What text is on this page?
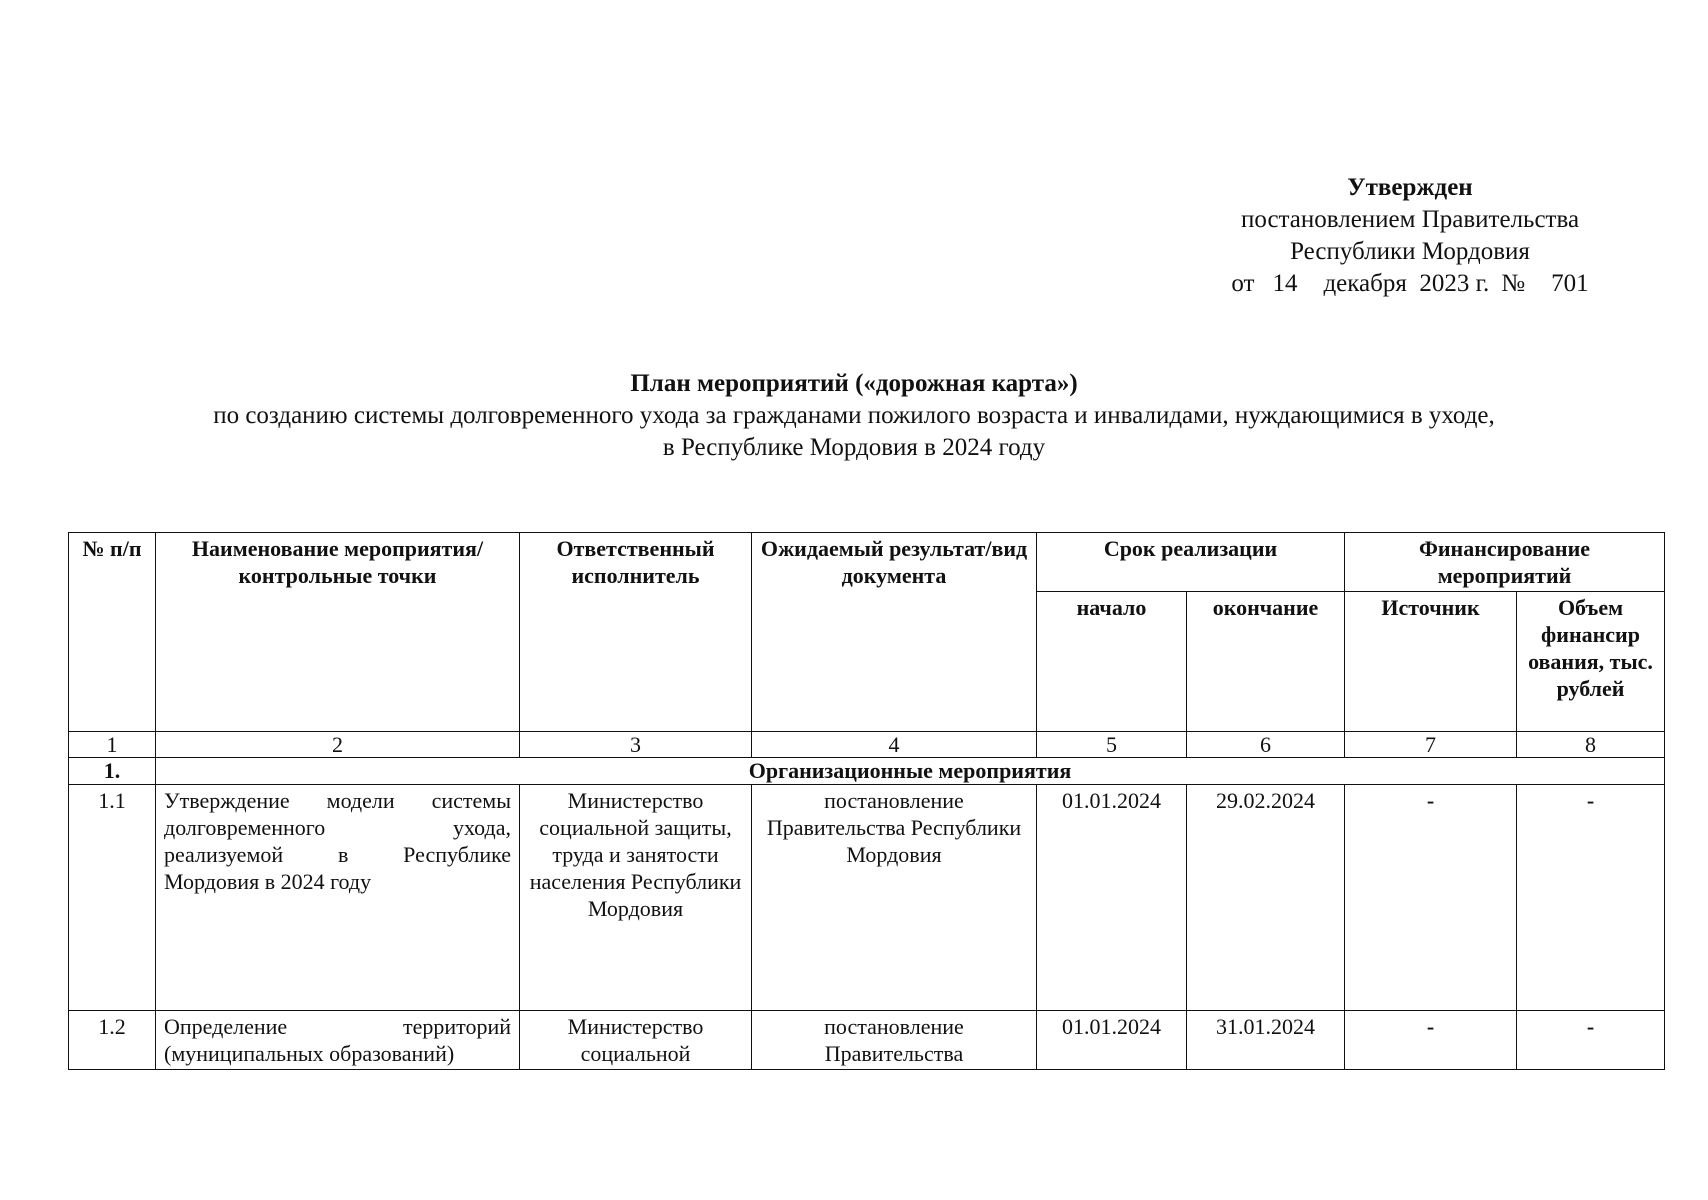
Утвержден
постановлением Правительства
Республики Мордовия
от 14 декабря  2023 г. № 701
План мероприятий («дорожная карта»)
по созданию системы долговременного ухода за гражданами пожилого возраста и инвалидами, нуждающимися в уходе,
в Республике Мордовия в 2024 году
№ п/п	Наименование мероприятия/ контрольные точки	Ответственный исполнитель	Ожидаемый результат/вид документа	Срок реализации		Финансирование мероприятий	
				начало	окончание	Источник	Объем финансир ования, тыс. рублей
1	2	3	4	5	6	7	8
1.	Организационные мероприятия						
1.1	Утверждение модели системы долговременного ухода, реализуемой в Республике Мордовия в 2024 году	Министерство социальной защиты, труда и занятости населения Республики Мордовия	постановление Правительства Республики Мордовия	01.01.2024	29.02.2024	-	-
1.2	Определение территорий (муниципальных образований)	Министерство социальной	постановление Правительства	01.01.2024	31.01.2024	-	-
